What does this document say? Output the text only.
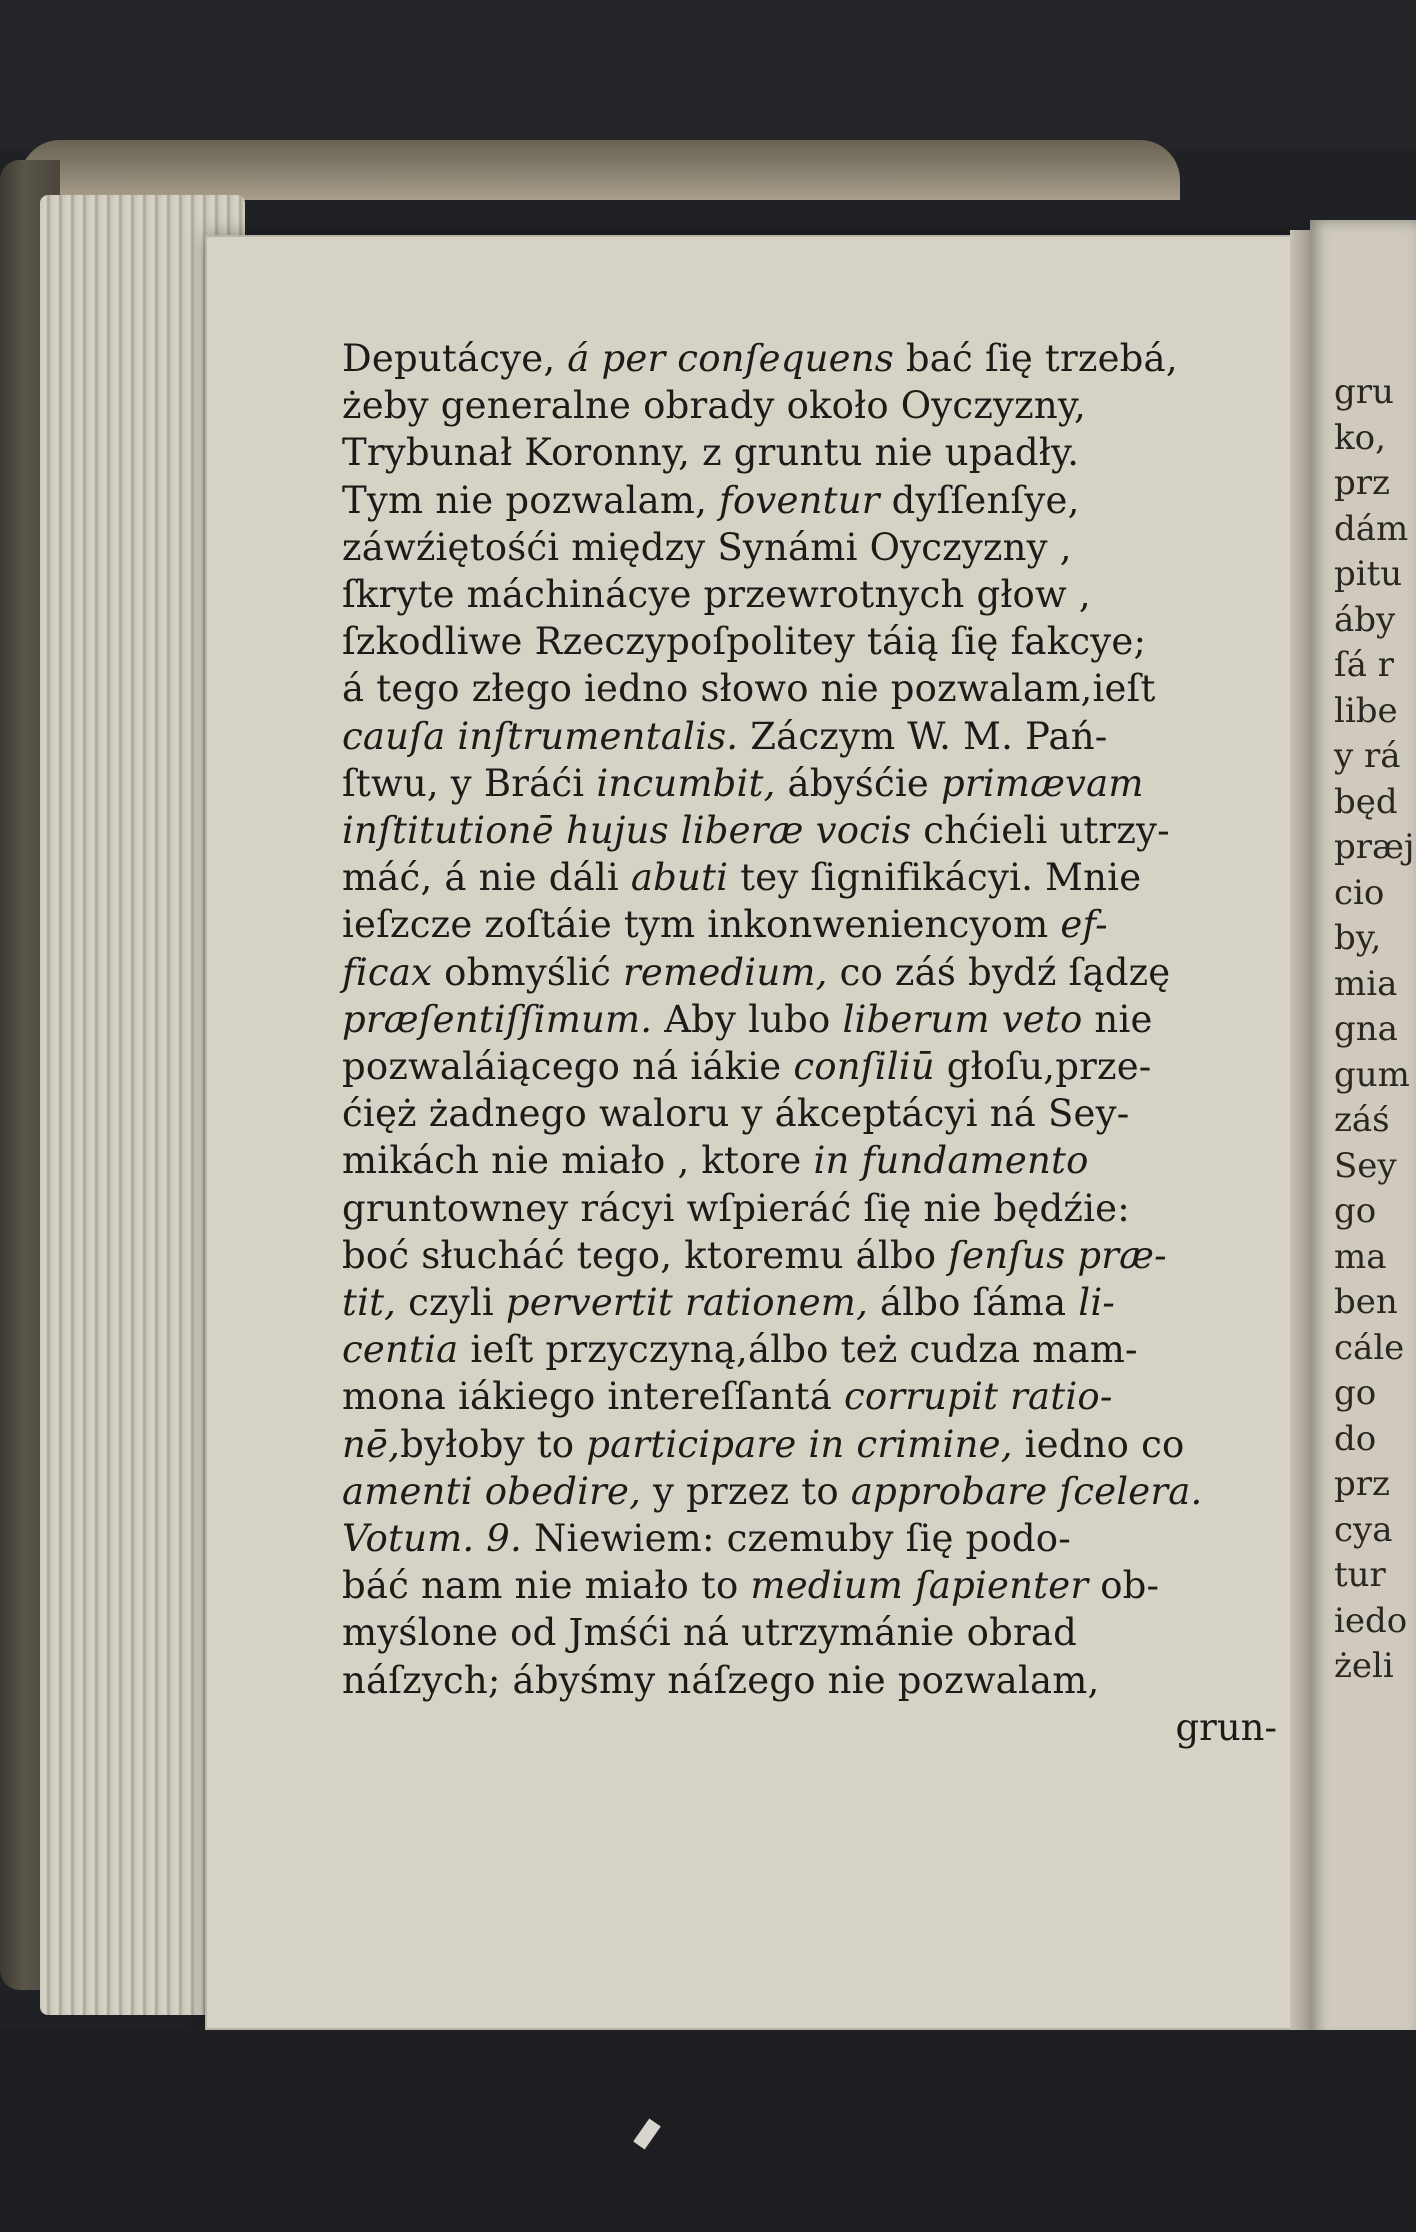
gru
ko,
prz
dám
pitu
áby
ſá r
libe
y rá
będ
præj
cio
by,
mia
gna
gum
záś
Sey
go
ma
ben
cále
go
do
prz
cya
tur
iedo
żeli
Deputácye, á per conſequens bać ſię trzebá,
żeby generalne obrady około Oyczyzny,
Trybunał Koronny, z gruntu nie upadły.
Tym nie pozwalam, foventur dyſſenſye,
záwźiętośći między Synámi Oyczyzny ,
ſkryte máchinácye przewrotnych głow ,
ſzkodliwe Rzeczypoſpolitey táią ſię fakcye;
á tego złego iedno słowo nie pozwalam,ieſt
cauſa inſtrumentalis. Záczym W. M. Pań-
ſtwu, y Bráći incumbit, ábyśćie primævam
inſtitutionē hujus liberæ vocis chćieli utrzy-
máć, á nie dáli abuti tey ſignifikácyi. Mnie
ieſzcze zoſtáie tym inkonweniencyom ef-
ficax obmyślić remedium, co záś bydź ſądzę
præſentiſſimum. Aby lubo liberum veto nie
pozwaláiącego ná iákie conſiliū głoſu,prze-
ćięż żadnego waloru y ákceptácyi ná Sey-
mikách nie miało , ktore in fundamento
gruntowney rácyi wſpieráć ſię nie będźie:
boć słucháć tego, ktoremu álbo ſenſus præ-
tit, czyli pervertit rationem, álbo ſáma li-
centia ieſt przyczyną,álbo też cudza mam-
mona iákiego intereſſantá corrupit ratio-
nē,byłoby to participare in crimine, iedno co
amenti obedire, y przez to approbare ſcelera.
Votum. 9. Niewiem: czemuby ſię podo-
báć nam nie miało to medium ſapienter ob-
myślone od Jmśći ná utrzymánie obrad
náſzych; ábyśmy náſzego nie pozwalam,
grun-
